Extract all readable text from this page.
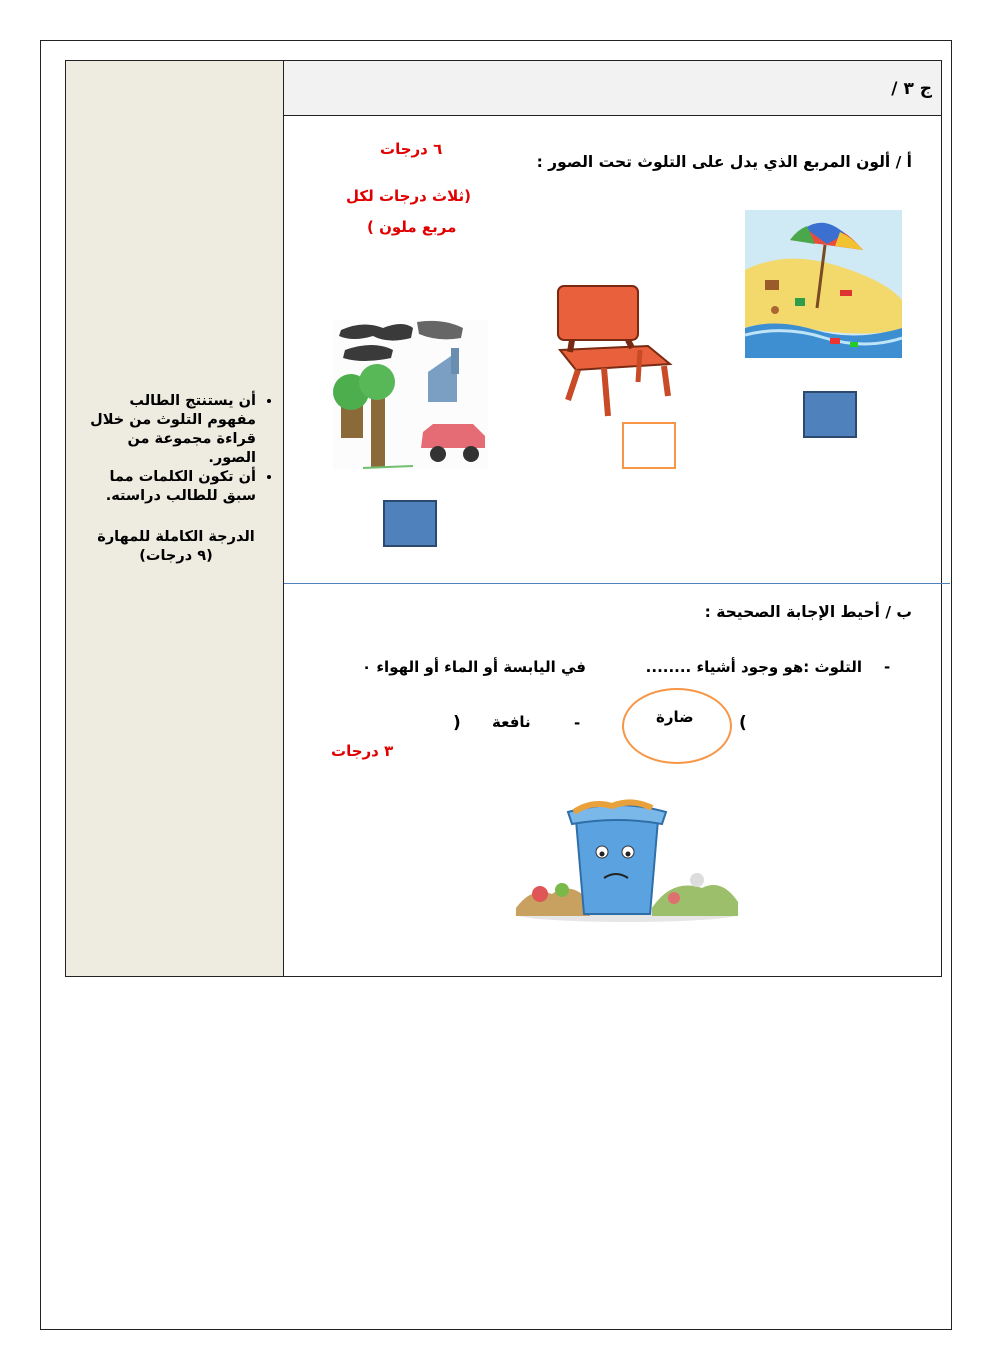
ج ٣ /
أ / ألون المربع الذي يدل على التلوث تحت الصور :
٦ درجات
(ثلاث درجات لكل
مربع ملون )
ب / أحيط الإجابة الصحيحة :
-
التلوث :هو وجود أشياء ........
في اليابسة أو الماء أو الهواء ٠
(
ضارة
-
نافعة
)
٣ درجات
• أن يستنتج الطالب مفهوم التلوث من خلال قراءة مجموعة من الصور.
• أن تكون الكلمات مما سبق للطالب دراسته.
الدرجة الكاملة للمهارة
(٩ درجات)
